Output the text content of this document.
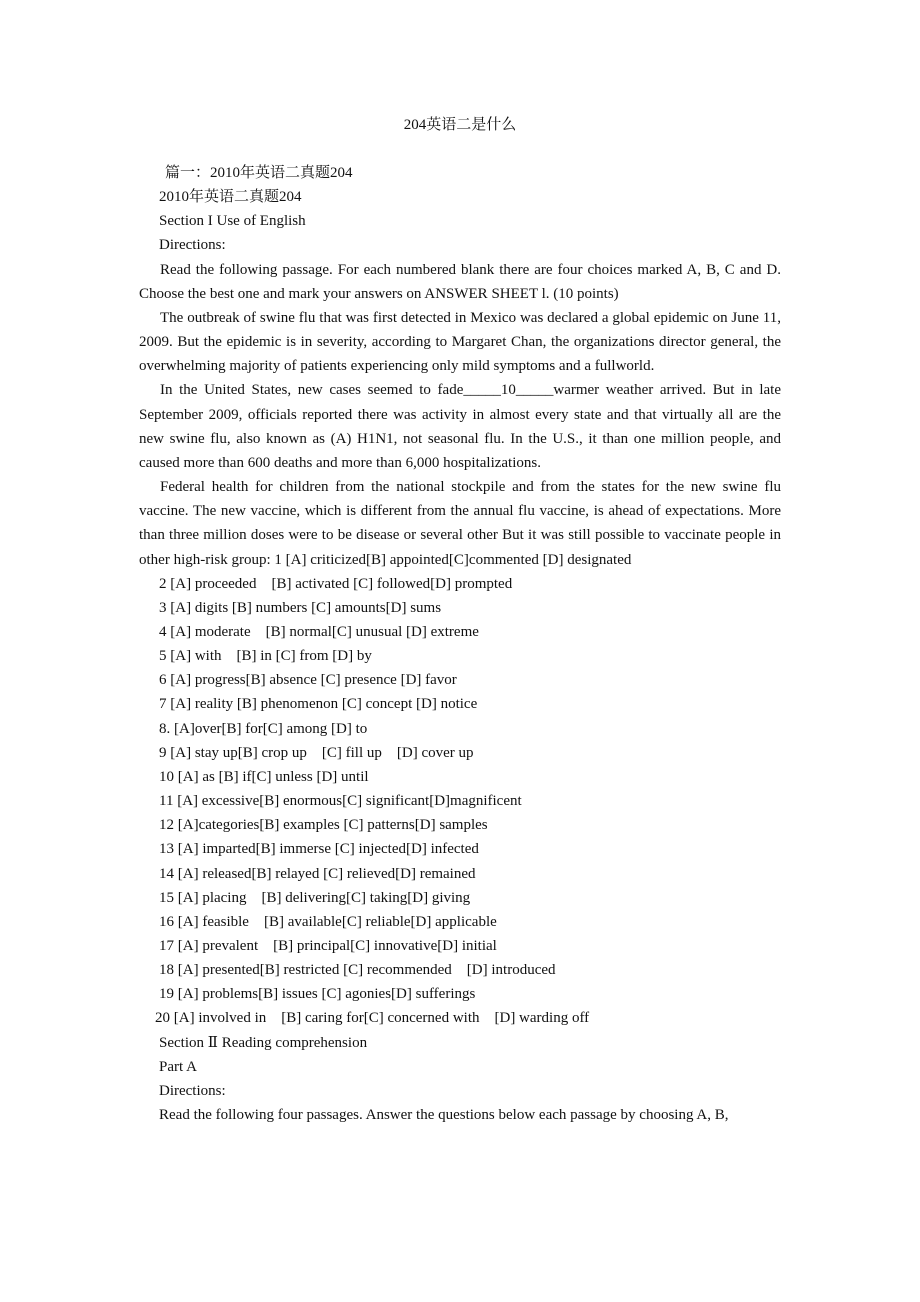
204英语二是什么
篇一：2010年英语二真题204
2010年英语二真题204
Section I Use of English
Directions:
Read the following passage. For each numbered blank there are four choices marked A, B, C and D. Choose the best one and mark your answers on ANSWER SHEET l. (10 points)
The outbreak of swine flu that was first detected in Mexico was declared a global epidemic on June 11, 2009. But the epidemic is in severity, according to Margaret Chan, the organizations director general, the overwhelming majority of patients experiencing only mild symptoms and a fullworld.
In the United States, new cases seemed to fade_____10_____warmer weather arrived. But in late September 2009, officials reported there was activity in almost every state and that virtually all are the new swine flu, also known as (A) H1N1, not seasonal flu. In the U.S., it than one million people, and caused more than 600 deaths and more than 6,000 hospitalizations.
Federal health for children from the national stockpile and from the states for the new swine flu vaccine. The new vaccine, which is different from the annual flu vaccine, is ahead of expectations. More than three million doses were to be disease or several other But it was still possible to vaccinate people in other high-risk group: 1 [A] criticized[B] appointed[C]commented [D] designated
2 [A] proceeded    [B] activated [C] followed[D] prompted
3 [A] digits [B] numbers [C] amounts[D] sums
4 [A] moderate    [B] normal[C] unusual [D] extreme
5 [A] with    [B] in [C] from [D] by
6 [A] progress[B] absence [C] presence [D] favor
7 [A] reality [B] phenomenon [C] concept [D] notice
8. [A]over[B] for[C] among [D] to
9 [A] stay up[B] crop up    [C] fill up    [D] cover up
10 [A] as [B] if[C] unless [D] until
11 [A] excessive[B] enormous[C] significant[D]magnificent
12 [A]categories[B] examples [C] patterns[D] samples
13 [A] imparted[B] immerse [C] injected[D] infected
14 [A] released[B] relayed [C] relieved[D] remained
15 [A] placing    [B] delivering[C] taking[D] giving
16 [A] feasible    [B] available[C] reliable[D] applicable
17 [A] prevalent    [B] principal[C] innovative[D] initial
18 [A] presented[B] restricted [C] recommended    [D] introduced
19 [A] problems[B] issues [C] agonies[D] sufferings
20 [A] involved in    [B] caring for[C] concerned with    [D] warding off
Section Ⅱ Reading comprehension
Part A
Directions:
Read the following four passages. Answer the questions below each passage by choosing A, B,
